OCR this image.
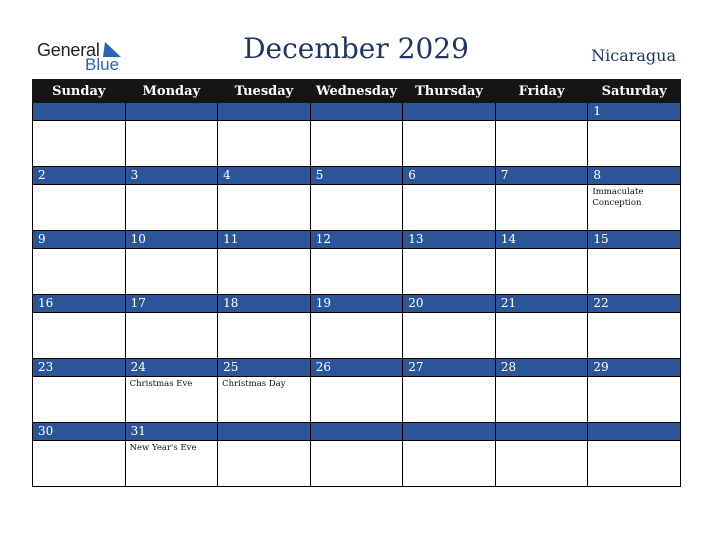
General
Blue	December 2029	Nicaragua
Sunday	Monday	Tuesday	Wednesday	Thursday	Friday	Saturday

						1

2	3	4	5	6	7	8

						Immaculate Conception

9	10	11	12	13	14	15

16	17	18	19	20	21	22

23	24	25	26	27	28	29

	Christmas Eve	Christmas Day				

30	31					

	New Year's Eve					
